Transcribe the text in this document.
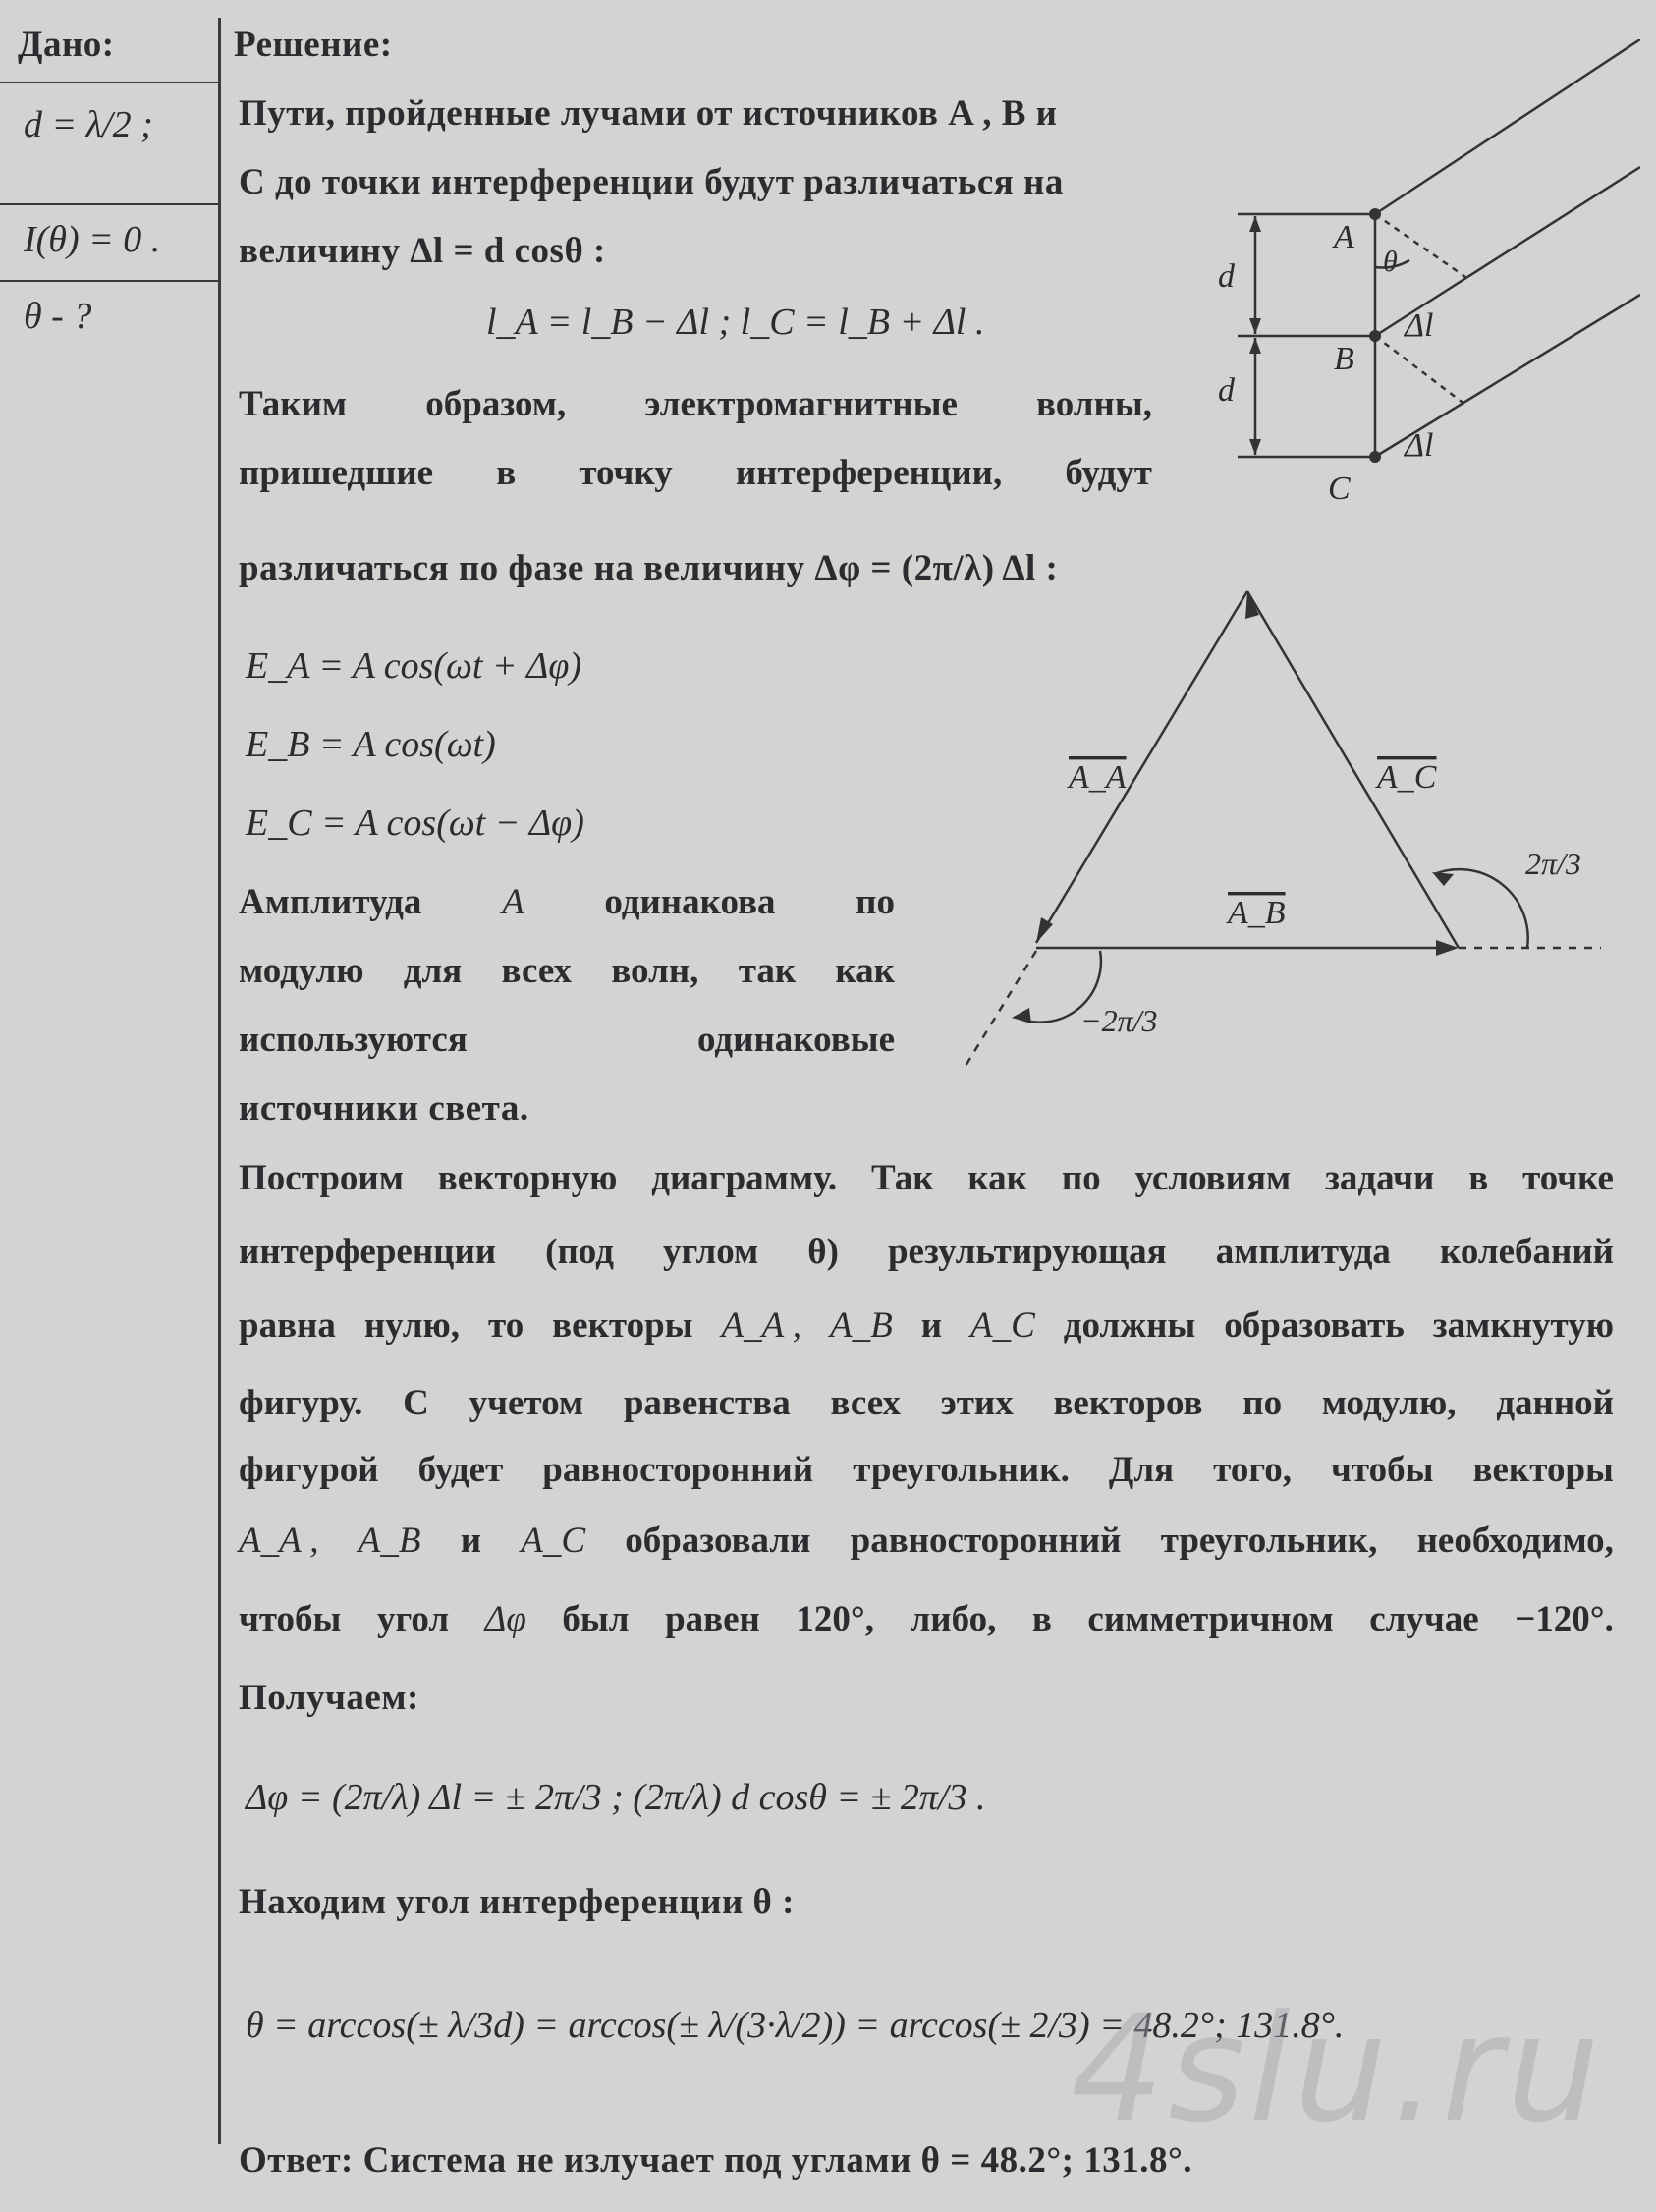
Дано:
d = λ/2 ;
I(θ) = 0 .
θ - ?
Решение:
Пути, пройденные лучами от источников A , B и
C до точки интерференции будут различаться на
величину Δl = d cosθ :
l_A = l_B − Δl ; l_C = l_B + Δl .
Таким образом, электромагнитные волны,
пришедшие в точку интерференции, будут
различаться по фазе на величину Δφ = (2π/λ) Δl :
E_A = A cos(ωt + Δφ)
E_B = A cos(ωt)
E_C = A cos(ωt − Δφ)
Амплитуда A одинакова по
модулю для всех волн, так как
используются	одинаковые
источники света.
Построим векторную диаграмму. Так как по условиям задачи в точке
интерференции (под углом θ) результирующая амплитуда колебаний
равна нулю, то векторы A_A , A_B и A_C должны образовать замкнутую
фигуру. С учетом равенства всех этих векторов по модулю, данной
фигурой будет равносторонний треугольник. Для того, чтобы векторы
A_A , A_B и A_C образовали равносторонний треугольник, необходимо,
чтобы угол Δφ был равен 120°, либо, в симметричном случае −120°.
Получаем:
Δφ = (2π/λ) Δl = ± 2π/3 ; (2π/λ) d cosθ = ± 2π/3 .
Находим угол интерференции θ :
θ = arccos(± λ/3d) = arccos(± λ/(3·λ/2)) = arccos(± 2/3) = 48.2°; 131.8°.
Ответ: Система не излучает под углами θ = 48.2°; 131.8°.
A
B
C
d
d
θ
Δl
Δl
A_A	A_C
A_B
2π/3
−2π/3
4slu.ru
